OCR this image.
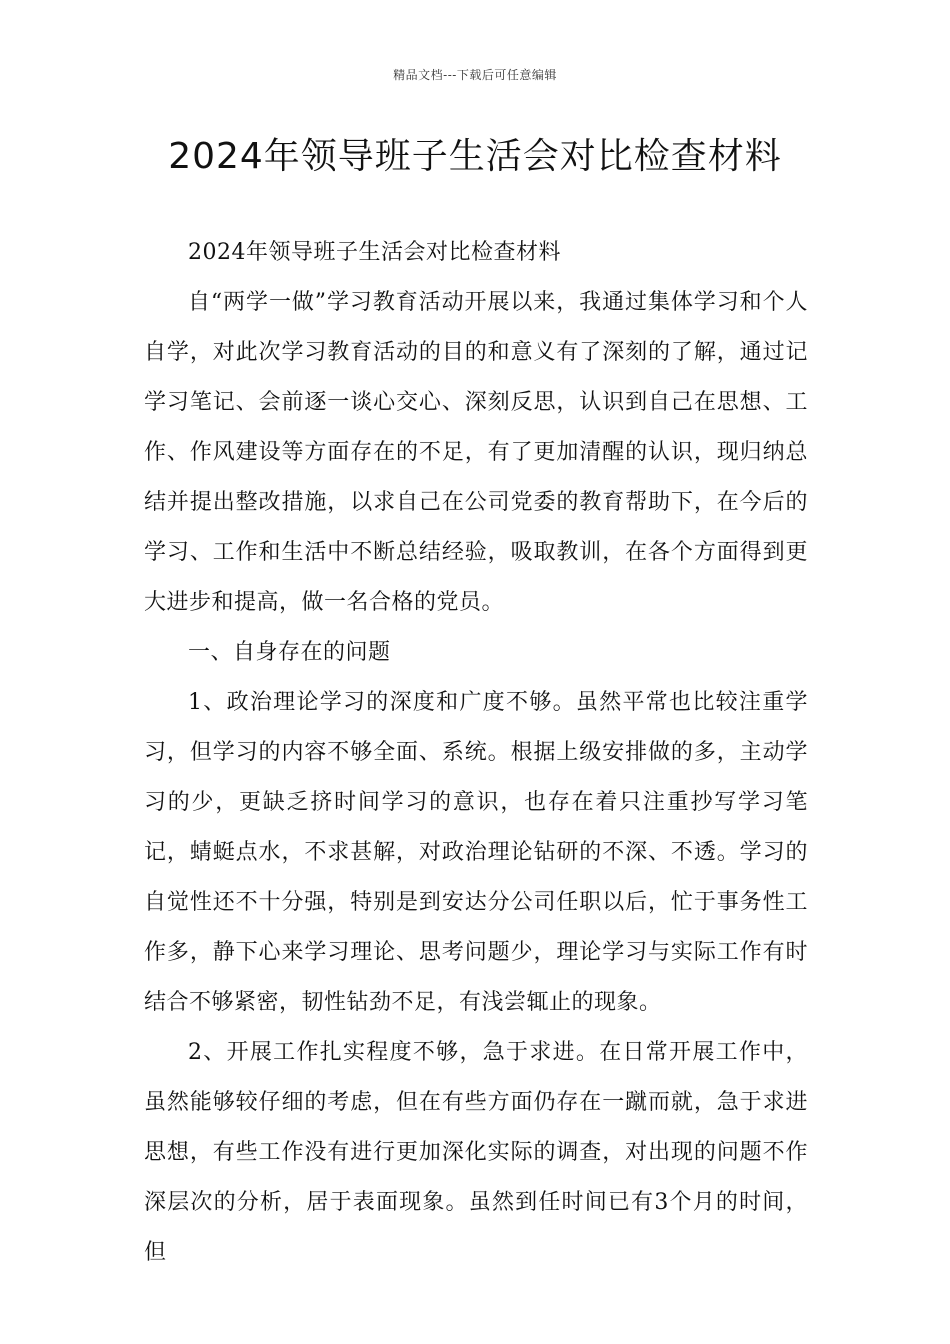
精品文档---下载后可任意编辑
2024年领导班子生活会对比检查材料

2024年领导班子生活会对比检查材料

自“两学一做”学习教育活动开展以来，我通过集体学习和个人自学，对此次学习教育活动的目的和意义有了深刻的了解，通过记学习笔记、会前逐一谈心交心、深刻反思，认识到自己在思想、工作、作风建设等方面存在的不足，有了更加清醒的认识，现归纳总结并提出整改措施，以求自己在公司党委的教育帮助下，在今后的学习、工作和生活中不断总结经验，吸取教训，在各个方面得到更大进步和提高，做一名合格的党员。

一、自身存在的问题

1、政治理论学习的深度和广度不够。虽然平常也比较注重学习，但学习的内容不够全面、系统。根据上级安排做的多，主动学习的少，更缺乏挤时间学习的意识，也存在着只注重抄写学习笔记，蜻蜓点水，不求甚解，对政治理论钻研的不深、不透。学习的自觉性还不十分强，特别是到安达分公司任职以后，忙于事务性工作多，静下心来学习理论、思考问题少，理论学习与实际工作有时结合不够紧密，韧性钻劲不足，有浅尝辄止的现象。

2、开展工作扎实程度不够，急于求进。在日常开展工作中，虽然能够较仔细的考虑，但在有些方面仍存在一蹴而就，急于求进思想，有些工作没有进行更加深化实际的调查，对出现的问题不作深层次的分析，居于表面现象。虽然到任时间已有3个月的时间，但
